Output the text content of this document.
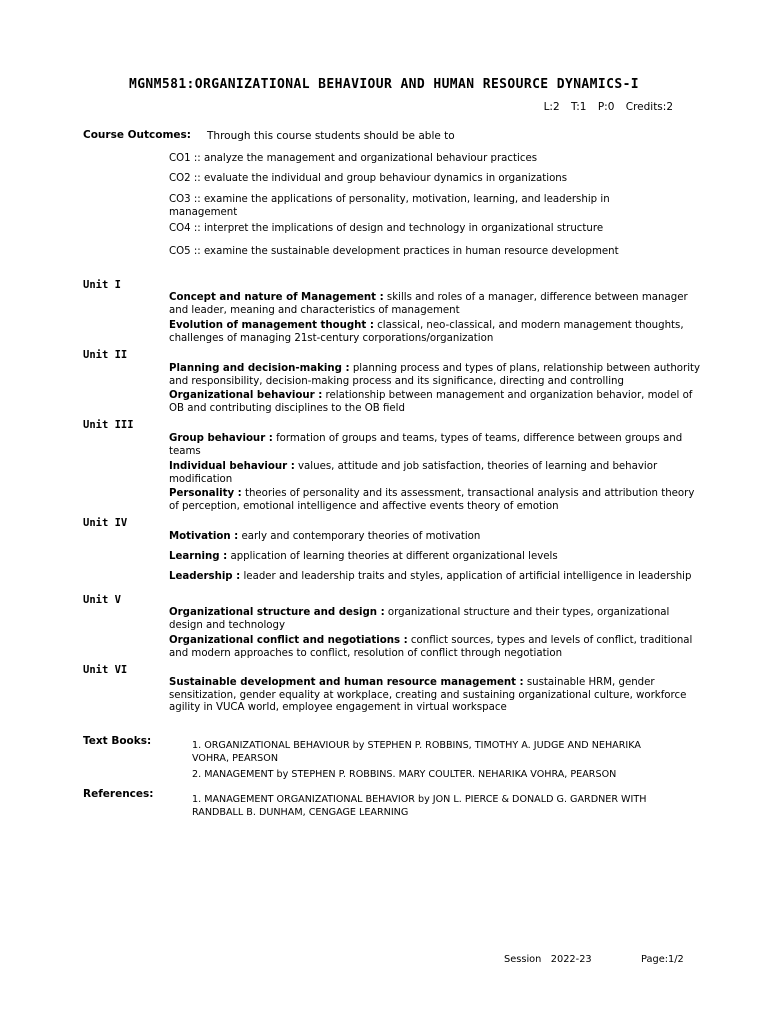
MGNM581:ORGANIZATIONAL BEHAVIOUR AND HUMAN RESOURCE DYNAMICS-I
L:2 T:1 P:0 Credits:2
Course Outcomes: Through this course students should be able to
CO1 :: analyze the management and organizational behaviour practices
CO2 :: evaluate the individual and group behaviour dynamics in organizations
CO3 :: examine the applications of personality, motivation, learning, and leadership in management
CO4 :: interpret the implications of design and technology in organizational structure
CO5 :: examine the sustainable development practices in human resource development
Unit I
Concept and nature of Management : skills and roles of a manager, difference between manager and leader, meaning and characteristics of management
Evolution of management thought : classical, neo-classical, and modern management thoughts, challenges of managing 21st-century corporations/organization
Unit II
Planning and decision-making : planning process and types of plans, relationship between authority and responsibility, decision-making process and its significance, directing and controlling
Organizational behaviour : relationship between management and organization behavior, model of OB and contributing disciplines to the OB field
Unit III
Group behaviour : formation of groups and teams, types of teams, difference between groups and teams
Individual behaviour : values, attitude and job satisfaction, theories of learning and behavior modification
Personality : theories of personality and its assessment, transactional analysis and attribution theory of perception, emotional intelligence and affective events theory of emotion
Unit IV
Motivation : early and contemporary theories of motivation
Learning : application of learning theories at different organizational levels
Leadership : leader and leadership traits and styles, application of artificial intelligence in leadership
Unit V
Organizational structure and design : organizational structure and their types, organizational design and technology
Organizational conflict and negotiations : conflict sources, types and levels of conflict, traditional and modern approaches to conflict, resolution of conflict through negotiation
Unit VI
Sustainable development and human resource management : sustainable HRM, gender sensitization, gender equality at workplace, creating and sustaining organizational culture, workforce agility in VUCA world, employee engagement in virtual workspace
Text Books:	1. ORGANIZATIONAL BEHAVIOUR by STEPHEN P. ROBBINS, TIMOTHY A. JUDGE AND NEHARIKA VOHRA, PEARSON
2. MANAGEMENT by STEPHEN P. ROBBINS. MARY COULTER. NEHARIKA VOHRA, PEARSON
References:	1. MANAGEMENT ORGANIZATIONAL BEHAVIOR by JON L. PIERCE & DONALD G. GARDNER WITH RANDBALL B. DUNHAM, CENGAGE LEARNING
Session   2022-23	Page:1/2
